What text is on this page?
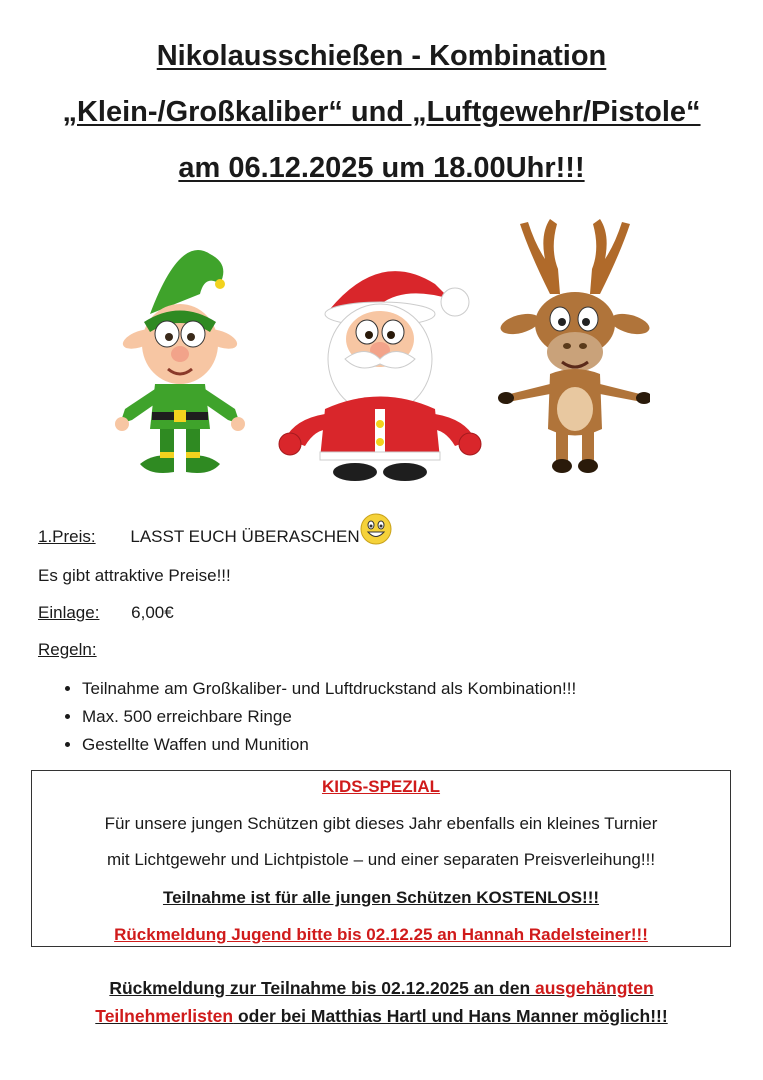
Nikolausschießen - Kombination
„Klein-/Großkaliber“ und „Luftgewehr/Pistole“
am 06.12.2025 um 18.00Uhr!!!
1.Preis: LASST EUCH ÜBERASCHEN
Es gibt attraktive Preise!!!
Einlage: 6,00€
Regeln:
• Teilnahme am Großkaliber- und Luftdruckstand als Kombination!!!
• Max. 500 erreichbare Ringe
• Gestellte Waffen und Munition
KIDS-SPEZIAL
Für unsere jungen Schützen gibt dieses Jahr ebenfalls ein kleines Turnier
mit Lichtgewehr und Lichtpistole – und einer separaten Preisverleihung!!!
Teilnahme ist für alle jungen Schützen KOSTENLOS!!!
Rückmeldung Jugend bitte bis 02.12.25 an Hannah Radelsteiner!!!
Rückmeldung zur Teilnahme bis 02.12.2025 an den ausgehängten
Teilnehmerlisten oder bei Matthias Hartl und Hans Manner möglich!!!
